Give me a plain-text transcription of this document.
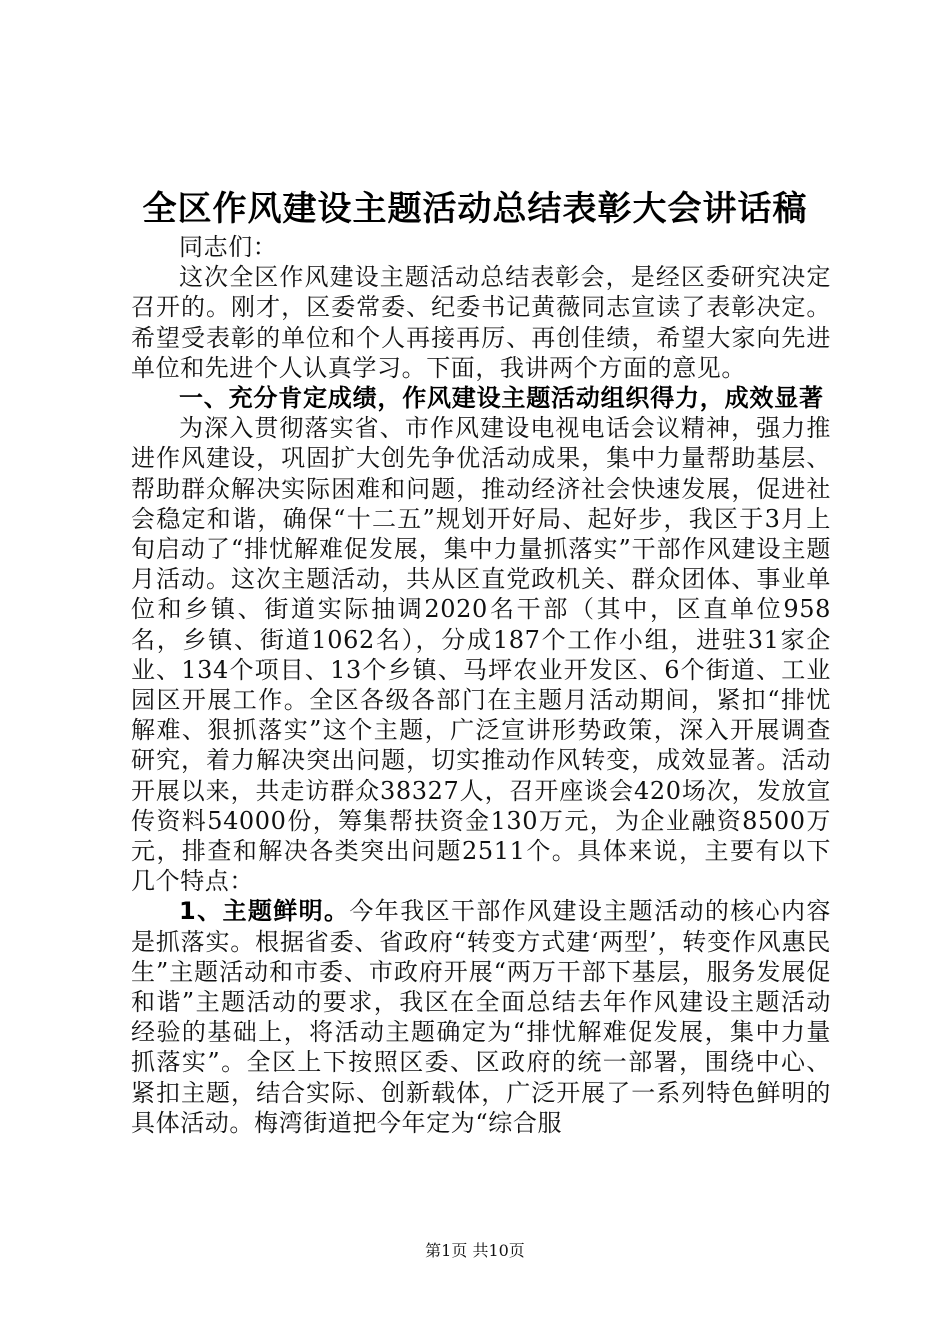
全区作风建设主题活动总结表彰大会讲话稿

同志们：

这次全区作风建设主题活动总结表彰会，是经区委研究决定召开的。刚才，区委常委、纪委书记黄薇同志宣读了表彰决定。希望受表彰的单位和个人再接再厉、再创佳绩，希望大家向先进单位和先进个人认真学习。下面，我讲两个方面的意见。

一、充分肯定成绩，作风建设主题活动组织得力，成效显著

为深入贯彻落实省、市作风建设电视电话会议精神，强力推进作风建设，巩固扩大创先争优活动成果，集中力量帮助基层、帮助群众解决实际困难和问题，推动经济社会快速发展，促进社会稳定和谐，确保“十二五”规划开好局、起好步，我区于3月上旬启动了“排忧解难促发展，集中力量抓落实”干部作风建设主题月活动。这次主题活动，共从区直党政机关、群众团体、事业单位和乡镇、街道实际抽调2020名干部（其中，区直单位958名，乡镇、街道1062名），分成187个工作小组，进驻31家企业、134个项目、13个乡镇、马坪农业开发区、6个街道、工业园区开展工作。全区各级各部门在主题月活动期间，紧扣“排忧解难、狠抓落实”这个主题，广泛宣讲形势政策，深入开展调查研究，着力解决突出问题，切实推动作风转变，成效显著。活动开展以来，共走访群众38327人，召开座谈会420场次，发放宣传资料54000份，筹集帮扶资金130万元，为企业融资8500万元，排查和解决各类突出问题2511个。具体来说，主要有以下几个特点：

1、主题鲜明。今年我区干部作风建设主题活动的核心内容是抓落实。根据省委、省政府“转变方式建‘两型’，转变作风惠民生”主题活动和市委、市政府开展“两万干部下基层，服务发展促和谐”主题活动的要求，我区在全面总结去年作风建设主题活动经验的基础上，将活动主题确定为“排忧解难促发展，集中力量抓落实”。全区上下按照区委、区政府的统一部署，围绕中心、紧扣主题，结合实际、创新载体，广泛开展了一系列特色鲜明的具体活动。梅湾街道把今年定为“综合服

第1页 共10页
